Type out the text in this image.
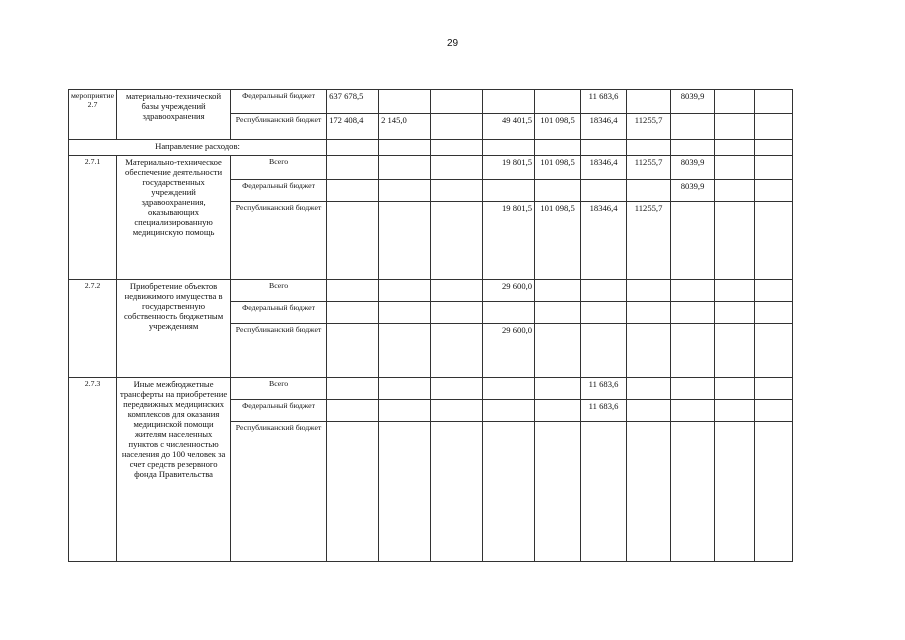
29
мероприятие 2.7	материально-технической базы учреждений здравоохранения	Федеральный бюджет	637 678,5					11 683,6		8039,9		
		Республиканский бюджет	172 408,4	2 145,0		49 401,5	101 098,5	18346,4	11255,7			
Направление расходов:												
2.7.1	Материально-техническое обеспечение деятельности государственных учреждений здравоохранения, оказывающих специализированную медицинскую помощь	Всего				19 801,5	101 098,5	18346,4	11255,7	8039,9		
		Федеральный бюджет								8039,9		
		Республиканский бюджет				19 801,5	101 098,5	18346,4	11255,7			
2.7.2	Приобретение объектов недвижимого имущества в государственную собственность бюджетным учреждениям	Всего				29 600,0						
		Федеральный бюджет										
		Республиканский бюджет				29 600,0						
2.7.3	Иные межбюджетные трансферты на приобретение передвижных медицинских комплексов для оказания медицинской помощи жителям населенных пунктов с численностью населения до 100 человек за счет средств резервного фонда Правительства	Всего						11 683,6				
		Федеральный бюджет						11 683,6				
		Республиканский бюджет										
